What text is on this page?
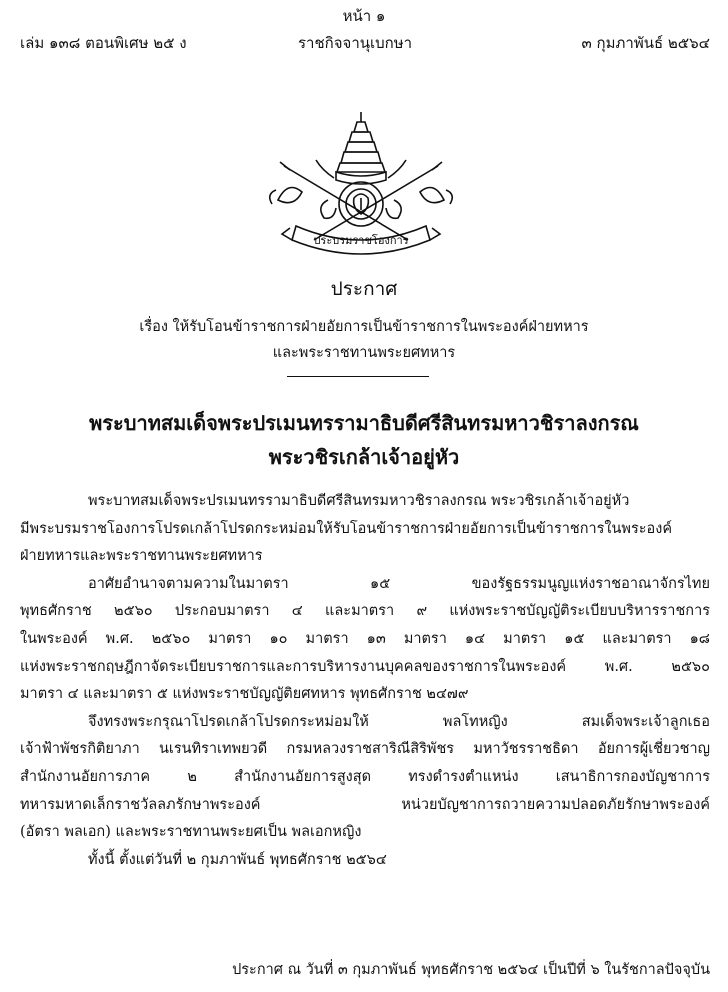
หน้า ๑
เล่ม ๑๓๘ ตอนพิเศษ ๒๕ ง	ราชกิจจานุเบกษา	๓ กุมภาพันธ์ ๒๕๖๔
ประบรมราชโองการ
ประกาศ
เรื่อง ให้รับโอนข้าราชการฝ่ายอัยการเป็นข้าราชการในพระองค์ฝ่ายทหาร
และพระราชทานพระยศทหาร
พระบาทสมเด็จพระปรเมนทรรามาธิบดีศรีสินทรมหาวชิราลงกรณ
พระวชิรเกล้าเจ้าอยู่หัว

พระบาทสมเด็จพระปรเมนทรรามาธิบดีศรีสินทรมหาวชิราลงกรณ พระวชิรเกล้าเจ้าอยู่หัว

มีพระบรมราชโองการโปรดเกล้าโปรดกระหม่อมให้รับโอนข้าราชการฝ่ายอัยการเป็นข้าราชการในพระองค์

ฝ่ายทหารและพระราชทานพระยศทหาร

อาศัยอำนาจตามความในมาตรา ๑๕ ของรัฐธรรมนูญแห่งราชอาณาจักรไทย

พุทธศักราช ๒๕๖๐ ประกอบมาตรา ๔ และมาตรา ๙ แห่งพระราชบัญญัติระเบียบบริหารราชการ

ในพระองค์ พ.ศ. ๒๕๖๐ มาตรา ๑๐ มาตรา ๑๓ มาตรา ๑๔ มาตรา ๑๕ และมาตรา ๑๘

แห่งพระราชกฤษฎีกาจัดระเบียบราชการและการบริหารงานบุคคลของราชการในพระองค์ พ.ศ. ๒๕๖๐

มาตรา ๔ และมาตรา ๕ แห่งพระราชบัญญัติยศทหาร พุทธศักราช ๒๔๗๙

จึงทรงพระกรุณาโปรดเกล้าโปรดกระหม่อมให้ พลโทหญิง สมเด็จพระเจ้าลูกเธอ

เจ้าฟ้าพัชรกิติยาภา นเรนทิราเทพยวดี กรมหลวงราชสาริณีสิริพัชร มหาวัชรราชธิดา อัยการผู้เชี่ยวชาญ

สำนักงานอัยการภาค ๒ สำนักงานอัยการสูงสุด ทรงดำรงตำแหน่ง เสนาธิการกองบัญชาการ

ทหารมหาดเล็กราชวัลลภรักษาพระองค์ หน่วยบัญชาการถวายความปลอดภัยรักษาพระองค์

(อัตรา พลเอก) และพระราชทานพระยศเป็น พลเอกหญิง

ทั้งนี้ ตั้งแต่วันที่ ๒ กุมภาพันธ์ พุทธศักราช ๒๕๖๔

ประกาศ ณ วันที่ ๓ กุมภาพันธ์ พุทธศักราช ๒๕๖๔ เป็นปีที่ ๖ ในรัชกาลปัจจุบัน
